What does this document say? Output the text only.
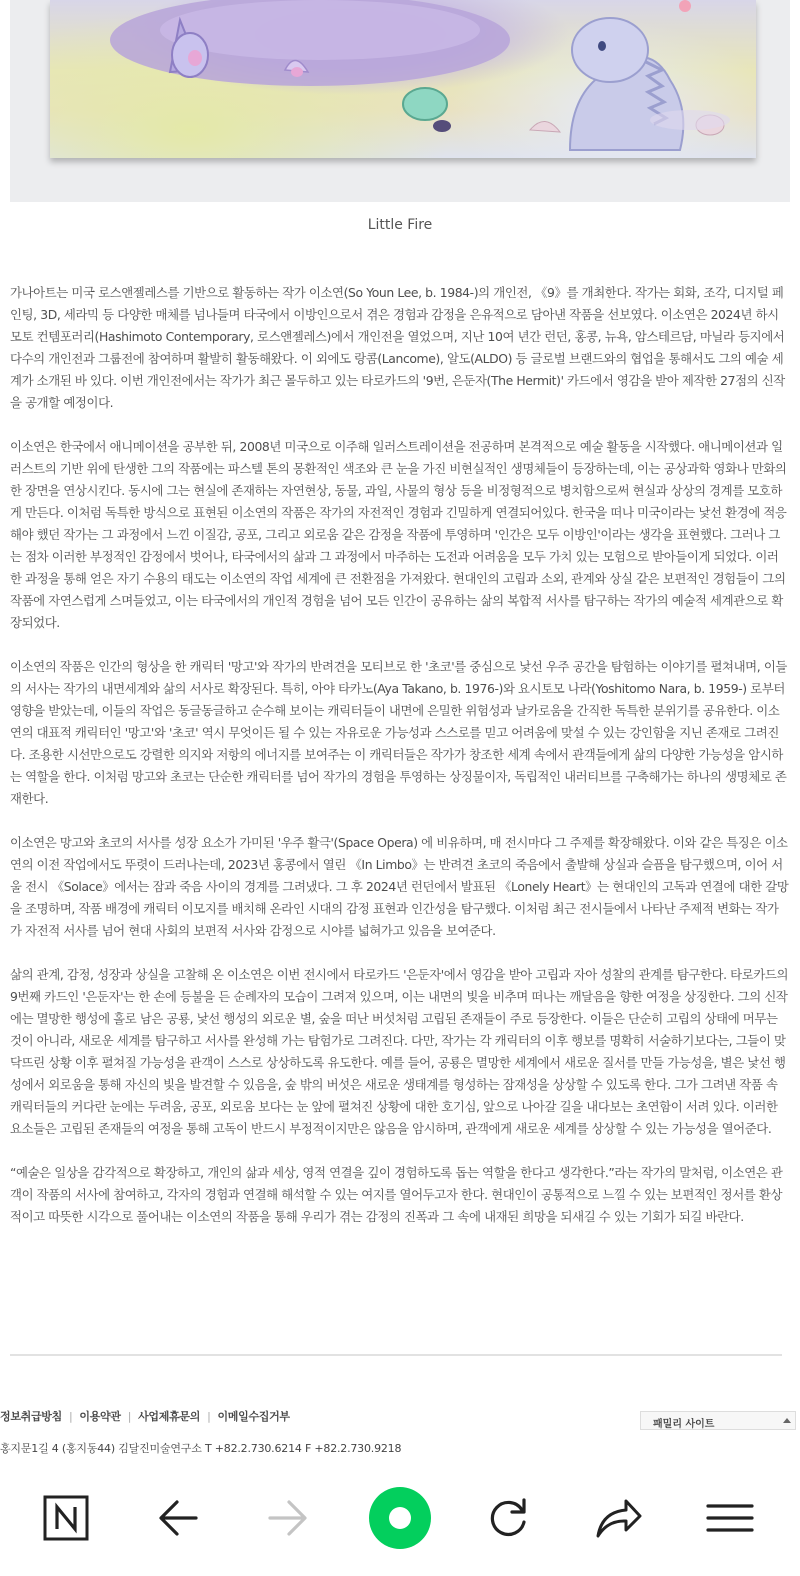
Little Fire

가나아트는 미국 로스앤젤레스를 기반으로 활동하는 작가 이소연(So Youn Lee, b. 1984-)의 개인전, 《9》를 개최한다. 작가는 회화, 조각, 디지털 페인팅, 3D, 세라믹 등 다양한 매체를 넘나들며 타국에서 이방인으로서 겪은 경험과 감정을 은유적으로 담아낸 작품을 선보였다. 이소연은 2024년 하시모토 컨템포러리(Hashimoto Contemporary, 로스앤젤레스)에서 개인전을 열었으며, 지난 10여 년간 런던, 홍콩, 뉴욕, 암스테르담, 마닐라 등지에서 다수의 개인전과 그룹전에 참여하며 활발히 활동해왔다. 이 외에도 랑콤(Lancome), 알도(ALDO) 등 글로벌 브랜드와의 협업을 통해서도 그의 예술 세계가 소개된 바 있다. 이번 개인전에서는 작가가 최근 몰두하고 있는 타로카드의 '9번, 은둔자(The Hermit)' 카드에서 영감을 받아 제작한 27점의 신작을 공개할 예정이다.

이소연은 한국에서 애니메이션을 공부한 뒤, 2008년 미국으로 이주해 일러스트레이션을 전공하며 본격적으로 예술 활동을 시작했다. 애니메이션과 일러스트의 기반 위에 탄생한 그의 작품에는 파스텔 톤의 몽환적인 색조와 큰 눈을 가진 비현실적인 생명체들이 등장하는데, 이는 공상과학 영화나 만화의 한 장면을 연상시킨다. 동시에 그는 현실에 존재하는 자연현상, 동물, 과일, 사물의 형상 등을 비정형적으로 병치함으로써 현실과 상상의 경계를 모호하게 만든다. 이처럼 독특한 방식으로 표현된 이소연의 작품은 작가의 자전적인 경험과 긴밀하게 연결되어있다. 한국을 떠나 미국이라는 낯선 환경에 적응해야 했던 작가는 그 과정에서 느낀 이질감, 공포, 그리고 외로움 같은 감정을 작품에 투영하며 '인간은 모두 이방인'이라는 생각을 표현했다. 그러나 그는 점차 이러한 부정적인 감정에서 벗어나, 타국에서의 삶과 그 과정에서 마주하는 도전과 어려움을 모두 가치 있는 모험으로 받아들이게 되었다. 이러한 과정을 통해 얻은 자기 수용의 태도는 이소연의 작업 세계에 큰 전환점을 가져왔다. 현대인의 고립과 소외, 관계와 상실 같은 보편적인 경험들이 그의 작품에 자연스럽게 스며들었고, 이는 타국에서의 개인적 경험을 넘어 모든 인간이 공유하는 삶의 복합적 서사를 탐구하는 작가의 예술적 세계관으로 확장되었다.

이소연의 작품은 인간의 형상을 한 캐릭터 '망고'와 작가의 반려견을 모티브로 한 '초코'를 중심으로 낯선 우주 공간을 탐험하는 이야기를 펼쳐내며, 이들의 서사는 작가의 내면세계와 삶의 서사로 확장된다. 특히, 아야 타카노(Aya Takano, b. 1976-)와 요시토모 나라(Yoshitomo Nara, b. 1959-) 로부터 영향을 받았는데, 이들의 작업은 동글동글하고 순수해 보이는 캐릭터들이 내면에 은밀한 위험성과 날카로움을 간직한 독특한 분위기를 공유한다. 이소연의 대표적 캐릭터인 '망고'와 '초코' 역시 무엇이든 될 수 있는 자유로운 가능성과 스스로를 믿고 어려움에 맞설 수 있는 강인함을 지닌 존재로 그려진다. 조용한 시선만으로도 강렬한 의지와 저항의 에너지를 보여주는 이 캐릭터들은 작가가 창조한 세계 속에서 관객들에게 삶의 다양한 가능성을 암시하는 역할을 한다. 이처럼 망고와 초코는 단순한 캐릭터를 넘어 작가의 경험을 투영하는 상징물이자, 독립적인 내러티브를 구축해가는 하나의 생명체로 존재한다.

이소연은 망고와 초코의 서사를 성장 요소가 가미된 '우주 활극'(Space Opera) 에 비유하며, 매 전시마다 그 주제를 확장해왔다. 이와 같은 특징은 이소연의 이전 작업에서도 뚜렷이 드러나는데, 2023년 홍콩에서 열린 《In Limbo》는 반려견 초코의 죽음에서 출발해 상실과 슬픔을 탐구했으며, 이어 서울 전시 《Solace》에서는 잠과 죽음 사이의 경계를 그려냈다. 그 후 2024년 런던에서 발표된 《Lonely Heart》는 현대인의 고독과 연결에 대한 갈망을 조명하며, 작품 배경에 캐릭터 이모지를 배치해 온라인 시대의 감정 표현과 인간성을 탐구했다. 이처럼 최근 전시들에서 나타난 주제적 변화는 작가가 자전적 서사를 넘어 현대 사회의 보편적 서사와 감정으로 시야를 넓혀가고 있음을 보여준다.

삶의 관계, 감정, 성장과 상실을 고찰해 온 이소연은 이번 전시에서 타로카드 '은둔자'에서 영감을 받아 고립과 자아 성찰의 관계를 탐구한다. 타로카드의 9번째 카드인 '은둔자'는 한 손에 등불을 든 순례자의 모습이 그려져 있으며, 이는 내면의 빛을 비추며 떠나는 깨달음을 향한 여정을 상징한다. 그의 신작에는 멸망한 행성에 홀로 남은 공룡, 낯선 행성의 외로운 별, 숲을 떠난 버섯처럼 고립된 존재들이 주로 등장한다. 이들은 단순히 고립의 상태에 머무는 것이 아니라, 새로운 세계를 탐구하고 서사를 완성해 가는 탐험가로 그려진다. 다만, 작가는 각 캐릭터의 이후 행보를 명확히 서술하기보다는, 그들이 맞닥뜨린 상황 이후 펼쳐질 가능성을 관객이 스스로 상상하도록 유도한다. 예를 들어, 공룡은 멸망한 세계에서 새로운 질서를 만들 가능성을, 별은 낯선 행성에서 외로움을 통해 자신의 빛을 발견할 수 있음을, 숲 밖의 버섯은 새로운 생태계를 형성하는 잠재성을 상상할 수 있도록 한다. 그가 그려낸 작품 속 캐릭터들의 커다란 눈에는 두려움, 공포, 외로움 보다는 눈 앞에 펼쳐진 상황에 대한 호기심, 앞으로 나아갈 길을 내다보는 초연함이 서려 있다. 이러한 요소들은 고립된 존재들의 여정을 통해 고독이 반드시 부정적이지만은 않음을 암시하며, 관객에게 새로운 세계를 상상할 수 있는 가능성을 열어준다.

“예술은 일상을 감각적으로 확장하고, 개인의 삶과 세상, 영적 연결을 깊이 경험하도록 돕는 역할을 한다고 생각한다.”라는 작가의 말처럼, 이소연은 관객이 작품의 서사에 참여하고, 각자의 경험과 연결해 해석할 수 있는 여지를 열어두고자 한다. 현대인이 공통적으로 느낄 수 있는 보편적인 정서를 환상적이고 따뜻한 시각으로 풀어내는 이소연의 작품을 통해 우리가 겪는 감정의 진폭과 그 속에 내재된 희망을 되새길 수 있는 기회가 되길 바란다.

정보취급방침 | 이용약관 | 사업제휴문의 | 이메일수집거부
패밀리 사이트
홍지문1길 4 (홍지동44) 김달진미술연구소 T +82.2.730.6214 F +82.2.730.9218
